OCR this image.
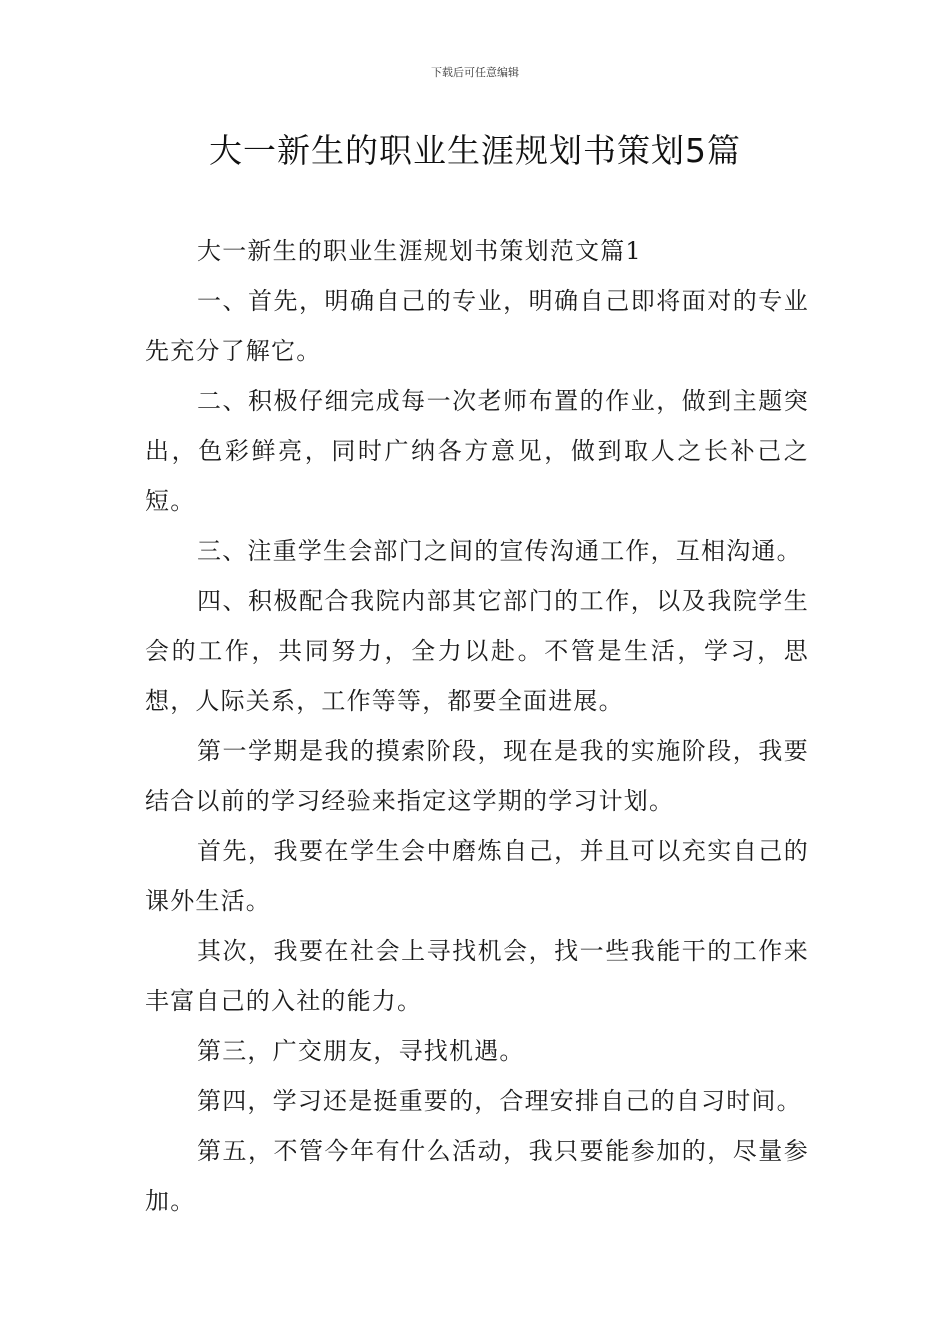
下载后可任意编辑
大一新生的职业生涯规划书策划5篇

大一新生的职业生涯规划书策划范文篇1

一、首先，明确自己的专业，明确自己即将面对的专业先充分了解它。

二、积极仔细完成每一次老师布置的作业，做到主题突出，色彩鲜亮，同时广纳各方意见，做到取人之长补己之短。

三、注重学生会部门之间的宣传沟通工作，互相沟通。

四、积极配合我院内部其它部门的工作，以及我院学生会的工作，共同努力，全力以赴。不管是生活，学习，思想，人际关系，工作等等，都要全面进展。

第一学期是我的摸索阶段，现在是我的实施阶段，我要结合以前的学习经验来指定这学期的学习计划。

首先，我要在学生会中磨炼自己，并且可以充实自己的课外生活。

其次，我要在社会上寻找机会，找一些我能干的工作来丰富自己的入社的能力。

第三，广交朋友，寻找机遇。

第四，学习还是挺重要的，合理安排自己的自习时间。

第五，不管今年有什么活动，我只要能参加的，尽量参加。
